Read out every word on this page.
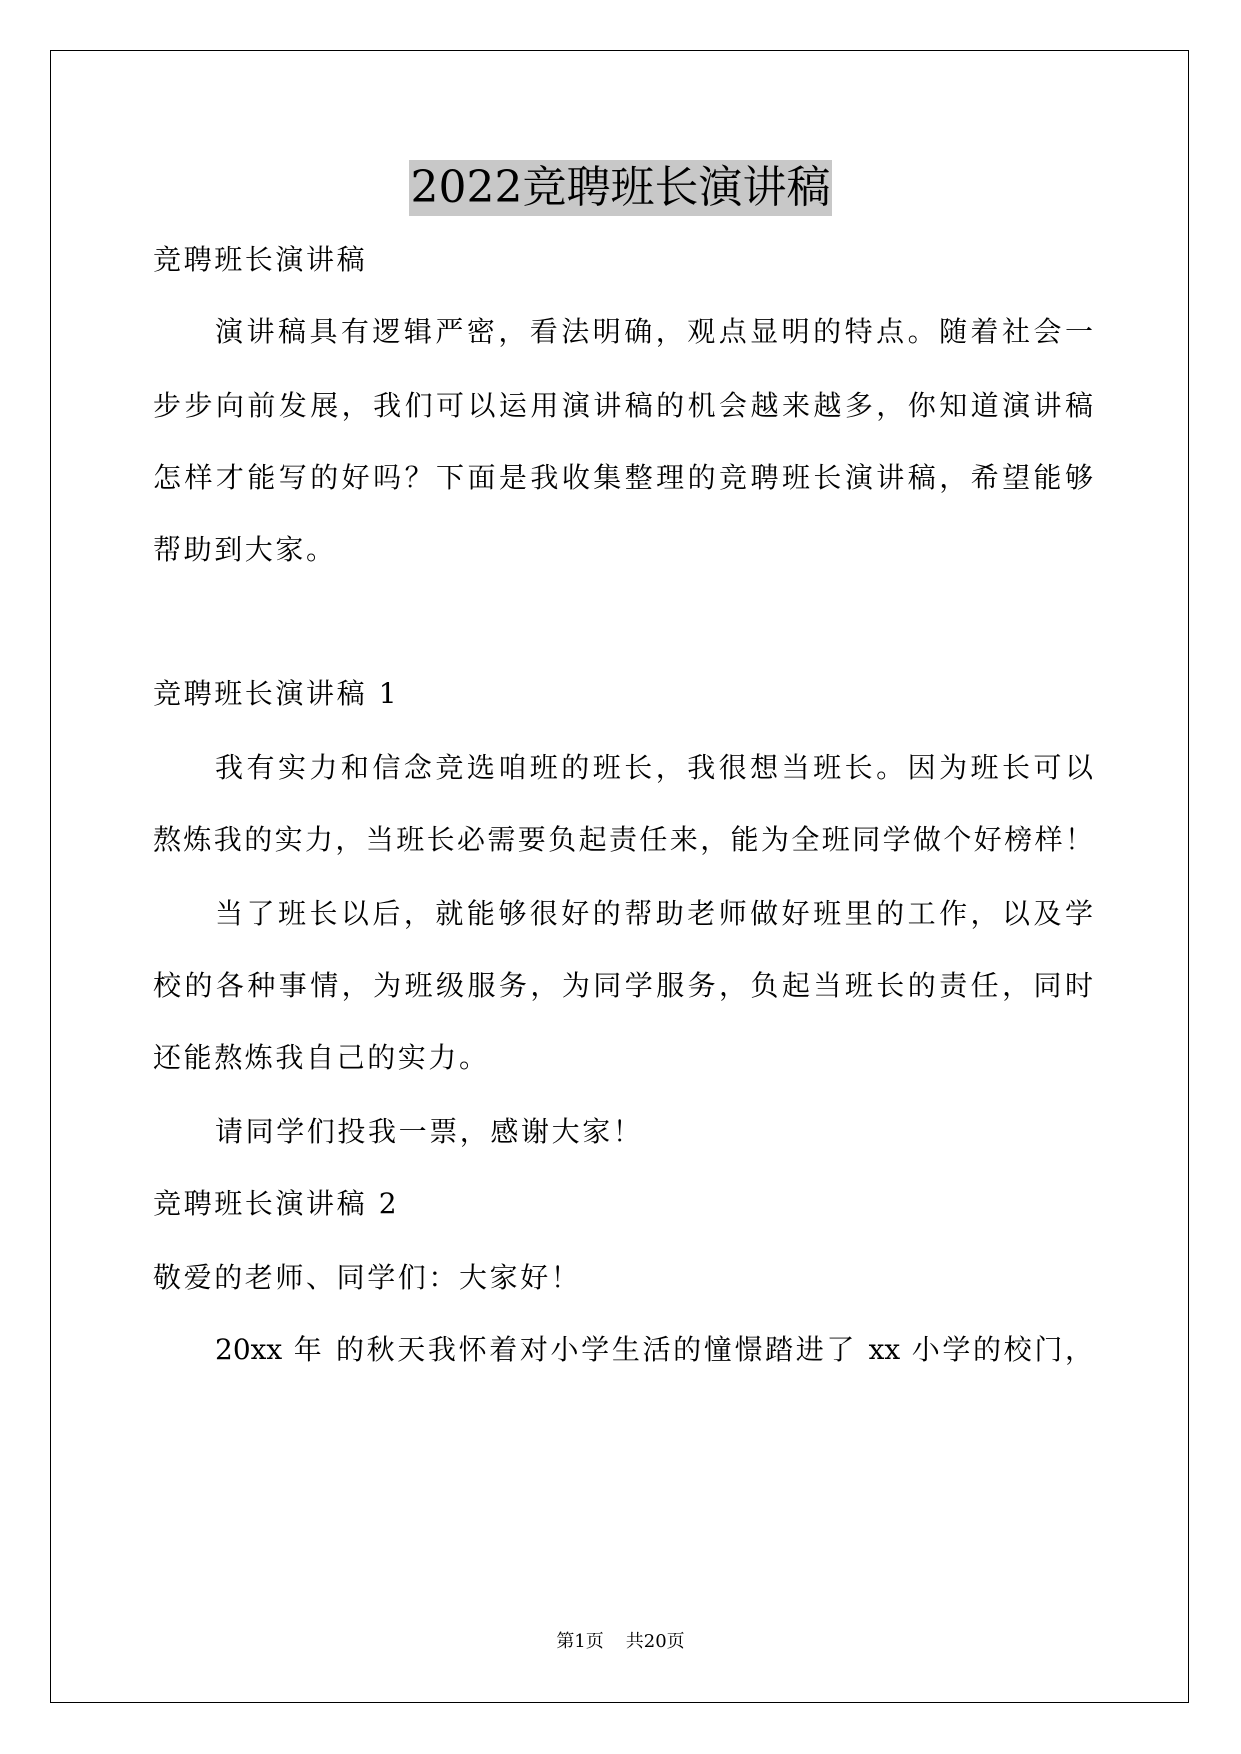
2022竞聘班长演讲稿
竞聘班长演讲稿
演讲稿具有逻辑严密，看法明确，观点显明的特点。随着社会一
步步向前发展，我们可以运用演讲稿的机会越来越多，你知道演讲稿
怎样才能写的好吗？下面是我收集整理的竞聘班长演讲稿，希望能够
帮助到大家。
竞聘班长演讲稿 1
我有实力和信念竞选咱班的班长，我很想当班长。因为班长可以
熬炼我的实力，当班长必需要负起责任来，能为全班同学做个好榜样！
当了班长以后，就能够很好的帮助老师做好班里的工作，以及学
校的各种事情，为班级服务，为同学服务，负起当班长的责任，同时
还能熬炼我自己的实力。
请同学们投我一票，感谢大家！
竞聘班长演讲稿 2
敬爱的老师、同学们：大家好！
20xx 年 的秋天我怀着对小学生活的憧憬踏进了 xx 小学的校门，
第1页 共20页
